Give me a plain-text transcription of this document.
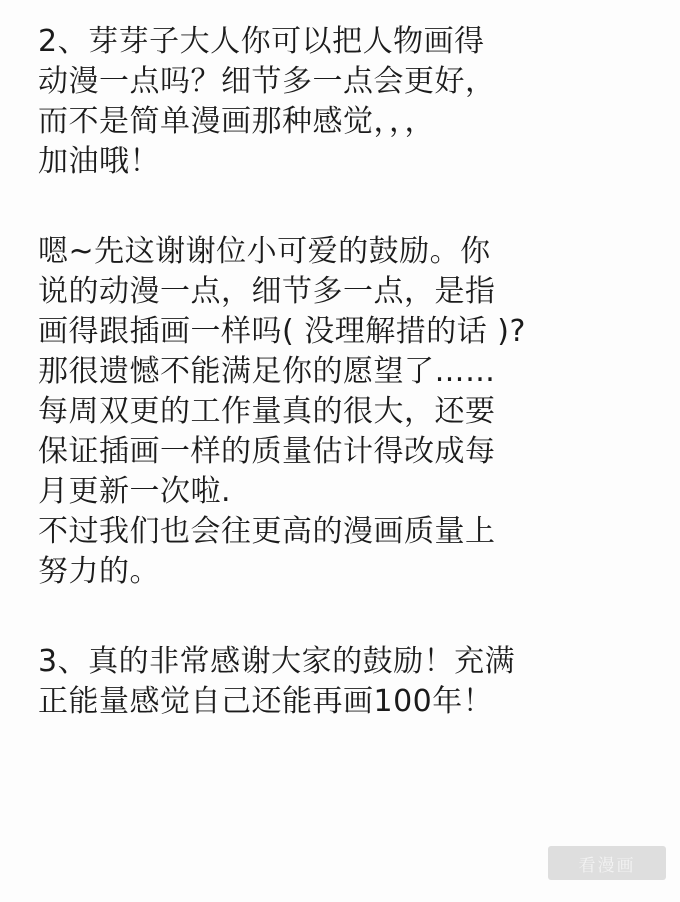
2、芽芽子大人你可以把人物画得
动漫一点吗？细节多一点会更好，
而不是简单漫画那种感觉，，，
加油哦！
嗯~先这谢谢位小可爱的鼓励。你
说的动漫一点，细节多一点，是指
画得跟插画一样吗( 没理解措的话 )?
那很遗憾不能满足你的愿望了……
每周双更的工作量真的很大，还要
保证插画一样的质量估计得改成每
月更新一次啦.
不过我们也会往更高的漫画质量上
努力的。
3、真的非常感谢大家的鼓励！充满
正能量感觉自己还能再画100年！
看漫画
